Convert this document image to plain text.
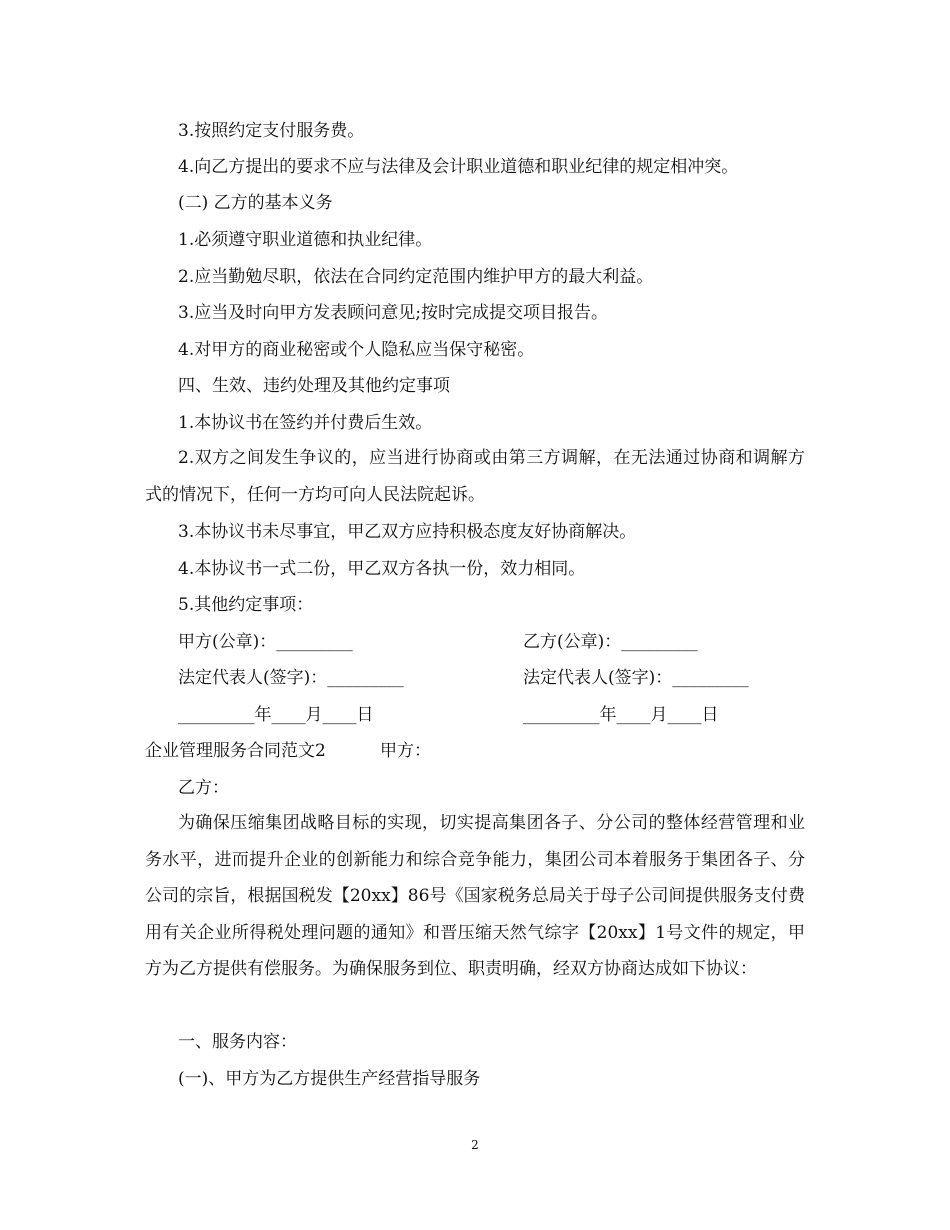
3.按照约定支付服务费。
4.向乙方提出的要求不应与法律及会计职业道德和职业纪律的规定相冲突。
(二) 乙方的基本义务
1.必须遵守职业道德和执业纪律。
2.应当勤勉尽职，依法在合同约定范围内维护甲方的最大利益。
3.应当及时向甲方发表顾问意见;按时完成提交项目报告。
4.对甲方的商业秘密或个人隐私应当保守秘密。
四、生效、违约处理及其他约定事项
1.本协议书在签约并付费后生效。

2.双方之间发生争议的，应当进行协商或由第三方调解，在无法通过协商和调解方式的情况下，任何一方均可向人民法院起诉。

3.本协议书未尽事宜，甲乙双方应持积极态度友好协商解决。
4.本协议书一式二份，甲乙双方各执一份，效力相同。
5.其他约定事项：
甲方(公章)：_________	乙方(公章)：_________
法定代表人(签字)：_________	法定代表人(签字)：_________
_________年____月____日	_________年____月____日
企业管理服务合同范文2	甲方：
乙方：

为确保压缩集团战略目标的实现，切实提高集团各子、分公司的整体经营管理和业务水平，进而提升企业的创新能力和综合竞争能力，集团公司本着服务于集团各子、分公司的宗旨，根据国税发【20xx】86号《国家税务总局关于母子公司间提供服务支付费用有关企业所得税处理问题的通知》和晋压缩天然气综字【20xx】1号文件的规定，甲方为乙方提供有偿服务。为确保服务到位、职责明确，经双方协商达成如下协议：

一、服务内容：
(一)、甲方为乙方提供生产经营指导服务
2
